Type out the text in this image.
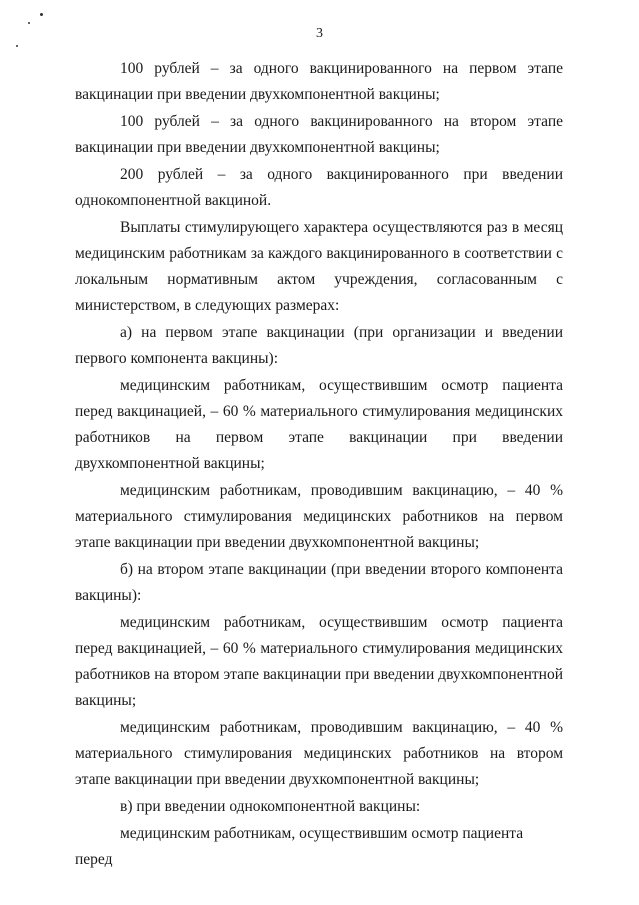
3

100 рублей – за одного вакцинированного на первом этапе вакцинации при введении двухкомпонентной вакцины;

100 рублей – за одного вакцинированного на втором этапе вакцинации при введении двухкомпонентной вакцины;

200 рублей – за одного вакцинированного при введении однокомпонентной вакциной.

Выплаты стимулирующего характера осуществляются раз в месяц медицинским работникам за каждого вакцинированного в соответствии с локальным нормативным актом учреждения, согласованным с министерством, в следующих размерах:

а) на первом этапе вакцинации (при организации и введении первого компонента вакцины):

медицинским работникам, осуществившим осмотр пациента перед вакцинацией, – 60 % материального стимулирования медицинских работников на первом этапе вакцинации при введении двухкомпонентной вакцины;

медицинским работникам, проводившим вакцинацию, – 40 % материального стимулирования медицинских работников на первом этапе вакцинации при введении двухкомпонентной вакцины;

б) на втором этапе вакцинации (при введении второго компонента вакцины):

медицинским работникам, осуществившим осмотр пациента перед вакцинацией, – 60 % материального стимулирования медицинских работников на втором этапе вакцинации при введении двухкомпонентной вакцины;

медицинским работникам, проводившим вакцинацию, – 40 % материального стимулирования медицинских работников на втором этапе вакцинации при введении двухкомпонентной вакцины;

в) при введении однокомпонентной вакцины:

медицинским работникам, осуществившим осмотр пациента перед
